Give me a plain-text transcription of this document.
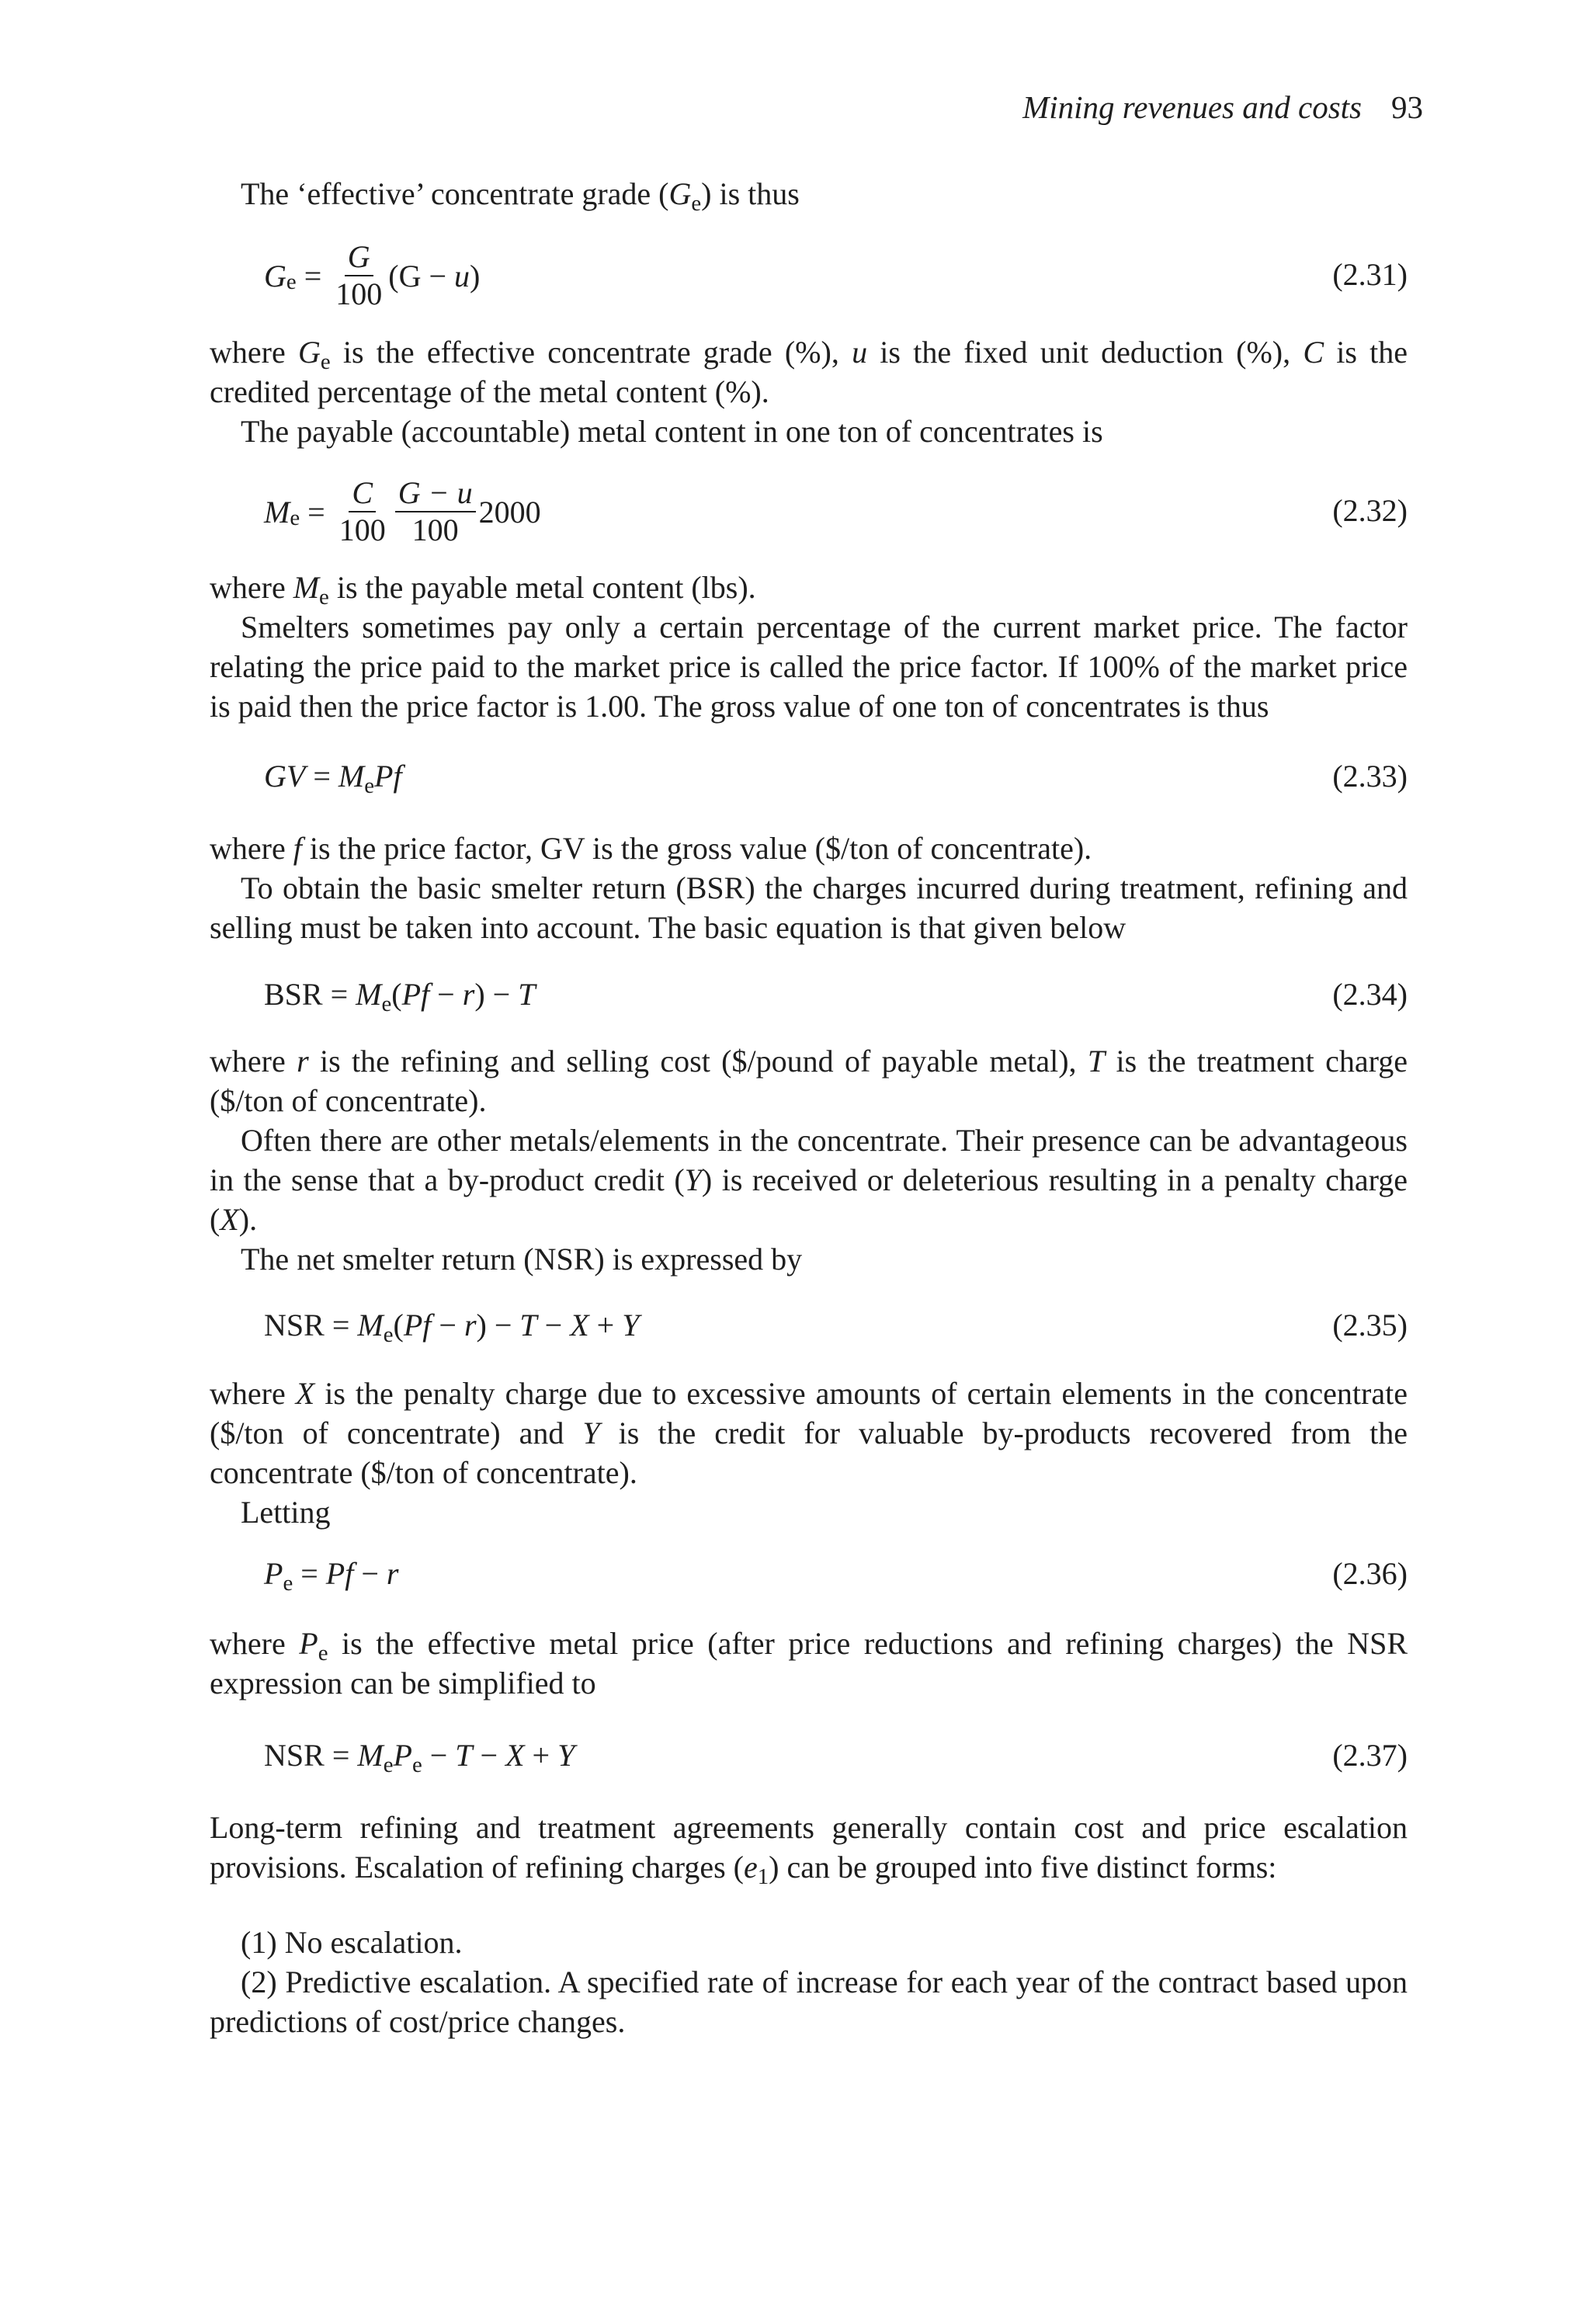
Mining revenues and costs 93

The ‘effective’ concentrate grade $(G_e)$ is thus

G $e = \frac{G}{100} (G - u$ )	(2.31)

where $G_e$ is the effective concentrate grade (%), u is the fixed unit deduction (%), C is the credited percentage of the metal content (%).

The payable (accountable) metal content in one ton of concentrates is

M $e = \frac{C}{100} \frac{G - u}{100} 2000$	(2.32)

where $M_e$ is the payable metal content (lbs).

Smelters sometimes pay only a certain percentage of the current market price. The factor relating the price paid to the market price is called the price factor. If 100% of the market price is paid then the price factor is 1.00. The gross value of one ton of concentrates is thus

GV = $M_ePf$	(2.33)

where f is the price factor, GV is the gross value ($/ton of concentrate).

To obtain the basic smelter return (BSR) the charges incurred during treatment, refining and selling must be taken into account. The basic equation is that given below

BSR = $M_e(Pf - r) - T$	(2.34)

where r is the refining and selling cost ($/pound of payable metal), T is the treatment charge ($/ton of concentrate).

Often there are other metals/elements in the concentrate. Their presence can be advantageous in the sense that a by-product credit (Y) is received or deleterious resulting in a penalty charge (X).

The net smelter return (NSR) is expressed by

NSR = $M_e(Pf - r) - T - X + Y$	(2.35)

where X is the penalty charge due to excessive amounts of certain elements in the concentrate ($/ton of concentrate) and Y is the credit for valuable by-products recovered from the concentrate ($/ton of concentrate).

Letting

$P_e = Pf - r$	(2.36)

where $P_e$ is the effective metal price (after price reductions and refining charges) the NSR expression can be simplified to

NSR = $M_eP_e - T - X + Y$	(2.37)

Long-term refining and treatment agreements generally contain cost and price escalation provisions. Escalation of refining charges $(e_1)$ can be grouped into five distinct forms:

(1) No escalation.

(2) Predictive escalation. A specified rate of increase for each year of the contract based upon predictions of cost/price changes.
